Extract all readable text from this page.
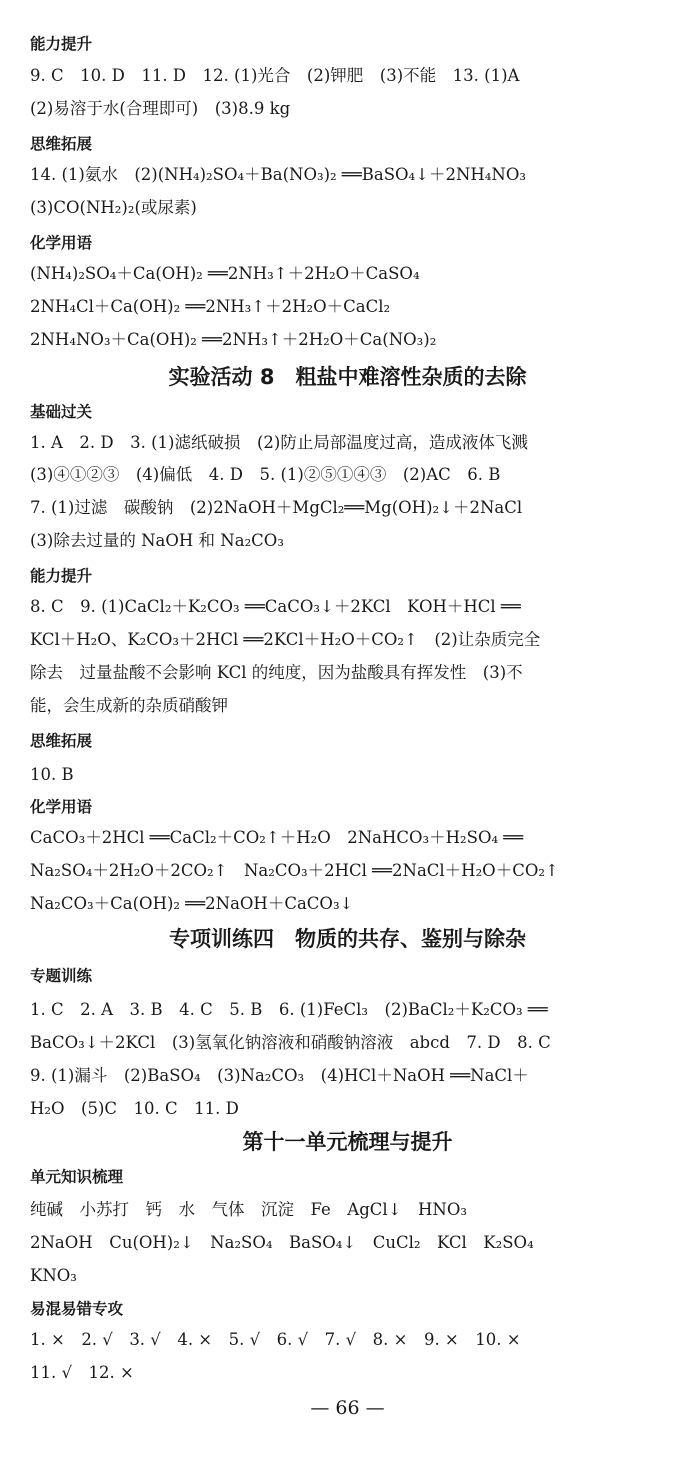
能力提升
9. C　10. D　11. D　12. (1)光合　(2)钾肥　(3)不能　13. (1)A
(2)易溶于水(合理即可)　(3)8.9 kg
思维拓展
14. (1)氨水　(2)(NH₄)₂SO₄＋Ba(NO₃)₂ ══BaSO₄↓＋2NH₄NO₃
(3)CO(NH₂)₂(或尿素)
化学用语
(NH₄)₂SO₄＋Ca(OH)₂ ══2NH₃↑＋2H₂O＋CaSO₄
2NH₄Cl＋Ca(OH)₂ ══2NH₃↑＋2H₂O＋CaCl₂
2NH₄NO₃＋Ca(OH)₂ ══2NH₃↑＋2H₂O＋Ca(NO₃)₂
实验活动 8　粗盐中难溶性杂质的去除
基础过关
1. A　2. D　3. (1)滤纸破损　(2)防止局部温度过高，造成液体飞溅
(3)④①②③　(4)偏低　4. D　5. (1)②⑤①④③　(2)AC　6. B
7. (1)过滤　碳酸钠　(2)2NaOH＋MgCl₂══Mg(OH)₂↓＋2NaCl
(3)除去过量的 NaOH 和 Na₂CO₃
能力提升
8. C　9. (1)CaCl₂＋K₂CO₃ ══CaCO₃↓＋2KCl　KOH＋HCl ══
KCl＋H₂O、K₂CO₃＋2HCl ══2KCl＋H₂O＋CO₂↑　(2)让杂质完全
除去　过量盐酸不会影响 KCl 的纯度，因为盐酸具有挥发性　(3)不
能，会生成新的杂质硝酸钾
思维拓展
10. B
化学用语
CaCO₃＋2HCl ══CaCl₂＋CO₂↑＋H₂O　2NaHCO₃＋H₂SO₄ ══
Na₂SO₄＋2H₂O＋2CO₂↑　Na₂CO₃＋2HCl ══2NaCl＋H₂O＋CO₂↑
Na₂CO₃＋Ca(OH)₂ ══2NaOH＋CaCO₃↓
专项训练四　物质的共存、鉴别与除杂
专题训练
1. C　2. A　3. B　4. C　5. B　6. (1)FeCl₃　(2)BaCl₂＋K₂CO₃ ══
BaCO₃↓＋2KCl　(3)氢氧化钠溶液和硝酸钠溶液　abcd　7. D　8. C
9. (1)漏斗　(2)BaSO₄　(3)Na₂CO₃　(4)HCl＋NaOH ══NaCl＋
H₂O　(5)C　10. C　11. D
第十一单元梳理与提升
单元知识梳理
纯碱　小苏打　钙　水　气体　沉淀　Fe　AgCl↓　HNO₃
2NaOH　Cu(OH)₂↓　Na₂SO₄　BaSO₄↓　CuCl₂　KCl　K₂SO₄
KNO₃
易混易错专攻
1. ×　2. √　3. √　4. ×　5. √　6. √　7. √　8. ×　9. ×　10. ×
11. √　12. ×
— 66 —
